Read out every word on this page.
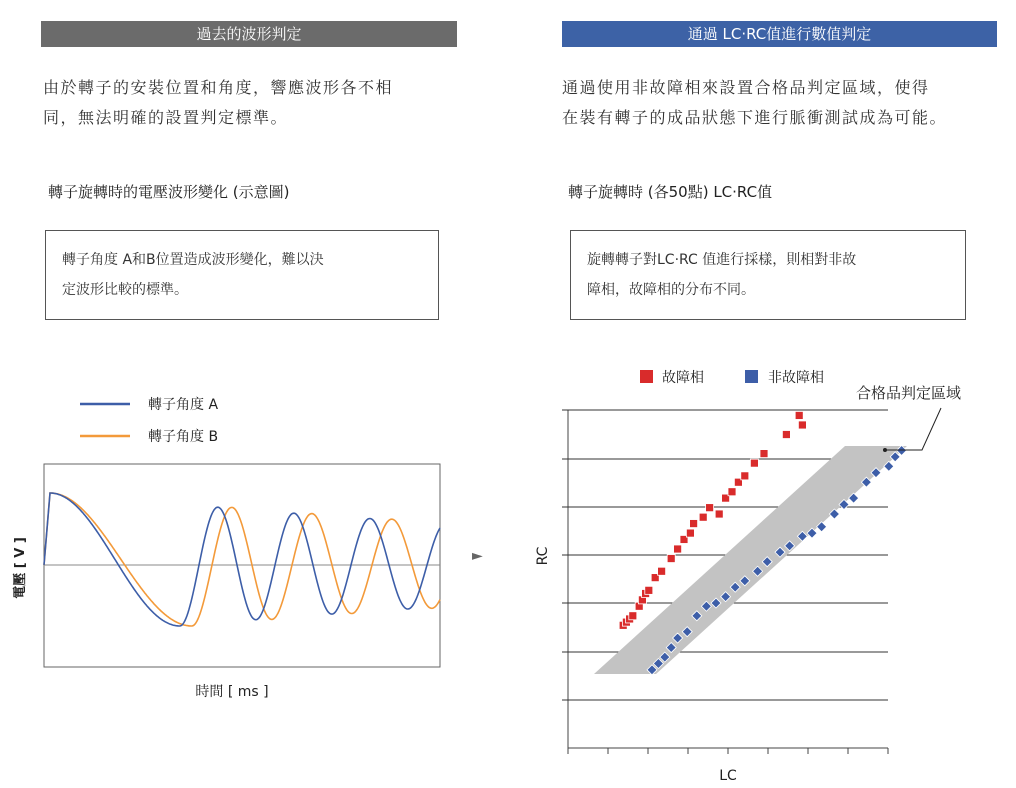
過去的波形判定	通過 LC·RC值進行數值判定
由於轉子的安裝位置和角度，響應波形各不相
同，無法明確的設置判定標準。
通過使用非故障相來設置合格品判定區域，使得
在裝有轉子的成品狀態下進行脈衝測試成為可能。
轉子旋轉時的電壓波形變化 (示意圖)	轉子旋轉時 (各50點) LC·RC值
轉子角度 A和B位置造成波形變化，難以決
定波形比較的標準。
旋轉轉子對LC·RC 值進行採樣，則相對非故
障相，故障相的分布不同。
►
轉子角度 A
轉子角度 B
時間 [ ms ]
電壓 [ V ]
故障相	非故障相
合格品判定區域
LC
RC
